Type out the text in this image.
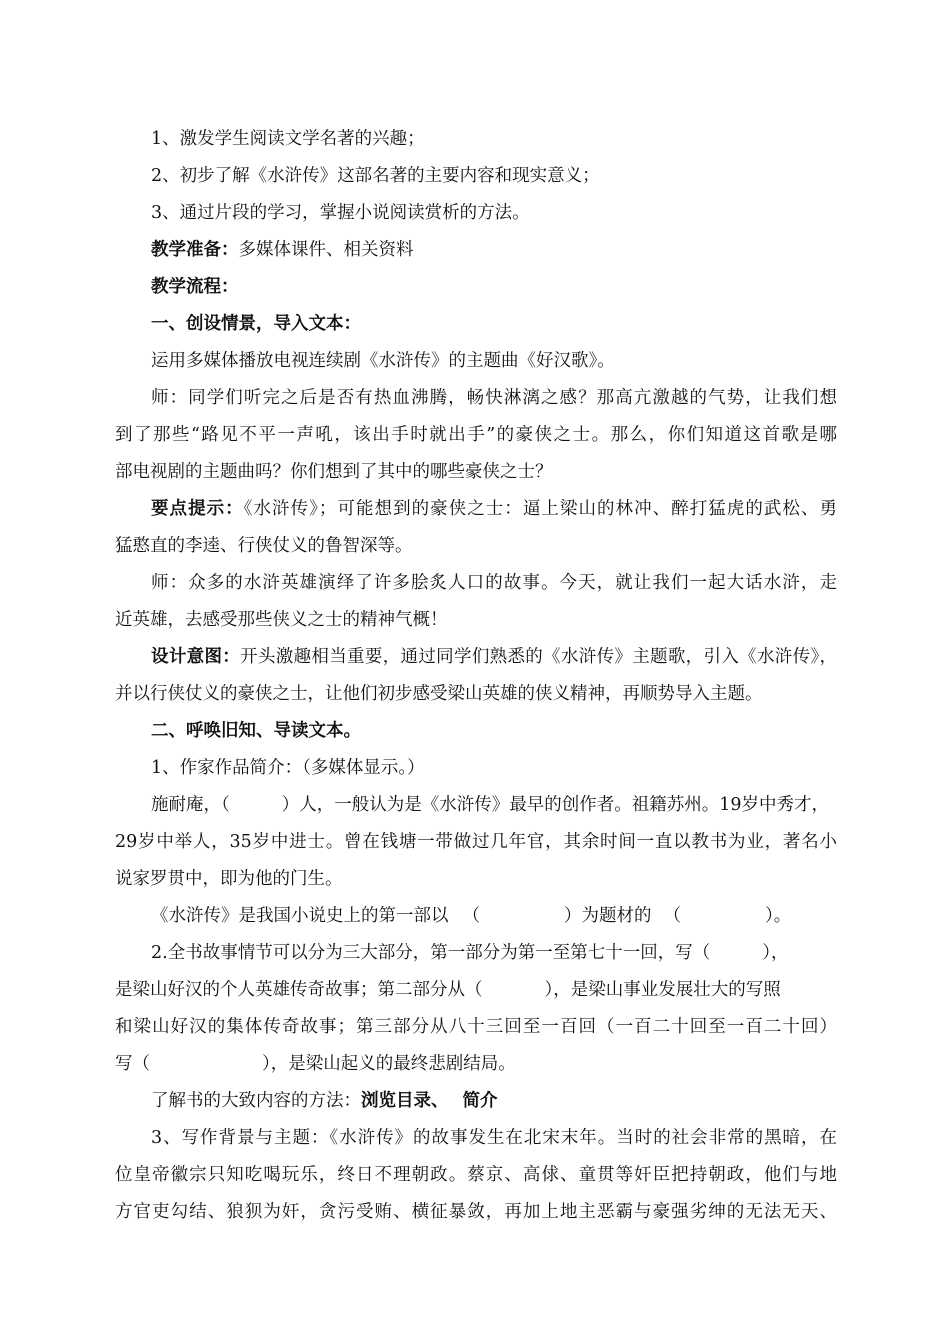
1、激发学生阅读文学名著的兴趣；
2、初步了解《水浒传》这部名著的主要内容和现实意义；
3、通过片段的学习，掌握小说阅读赏析的方法。
教学准备：多媒体课件、相关资料
教学流程：
一、创设情景，导入文本：
运用多媒体播放电视连续剧《水浒传》的主题曲《好汉歌》。
师：同学们听完之后是否有热血沸腾，畅快淋漓之感？那高亢激越的气势，让我们想
到了那些“路见不平一声吼，该出手时就出手”的豪侠之士。那么，你们知道这首歌是哪
部电视剧的主题曲吗？你们想到了其中的哪些豪侠之士？
要点提示：《水浒传》；可能想到的豪侠之士：逼上梁山的林冲、醉打猛虎的武松、勇
猛憨直的李逵、行侠仗义的鲁智深等。
师：众多的水浒英雄演绎了许多脍炙人口的故事。今天，就让我们一起大话水浒，走
近英雄，去感受那些侠义之士的精神气概！
设计意图：开头激趣相当重要，通过同学们熟悉的《水浒传》主题歌，引入《水浒传》，
并以行侠仗义的豪侠之士，让他们初步感受梁山英雄的侠义精神，再顺势导入主题。
二、呼唤旧知、导读文本。
1、作家作品简介：（多媒体显示。）
施耐庵，（	）人，一般认为是《水浒传》最早的创作者。祖籍苏州。19岁中秀才，
29岁中举人，35岁中进士。曾在钱塘一带做过几年官，其余时间一直以教书为业，著名小
说家罗贯中，即为他的门生。
《水浒传》是我国小说史上的第一部以 （	）为题材的 （	）。
2.全书故事情节可以分为三大部分，第一部分为第一至第七十一回，写（	），
是梁山好汉的个人英雄传奇故事；第二部分从（	），是梁山事业发展壮大的写照
和梁山好汉的集体传奇故事；第三部分从八十三回至一百回（一百二十回至一百二十回）
写（	），是梁山起义的最终悲剧结局。
了解书的大致内容的方法：浏览目录、 简介
3、写作背景与主题：《水浒传》的故事发生在北宋末年。当时的社会非常的黑暗，在
位皇帝徽宗只知吃喝玩乐，终日不理朝政。蔡京、高俅、童贯等奸臣把持朝政，他们与地
方官吏勾结、狼狈为奸，贪污受贿、横征暴敛，再加上地主恶霸与豪强劣绅的无法无天、
